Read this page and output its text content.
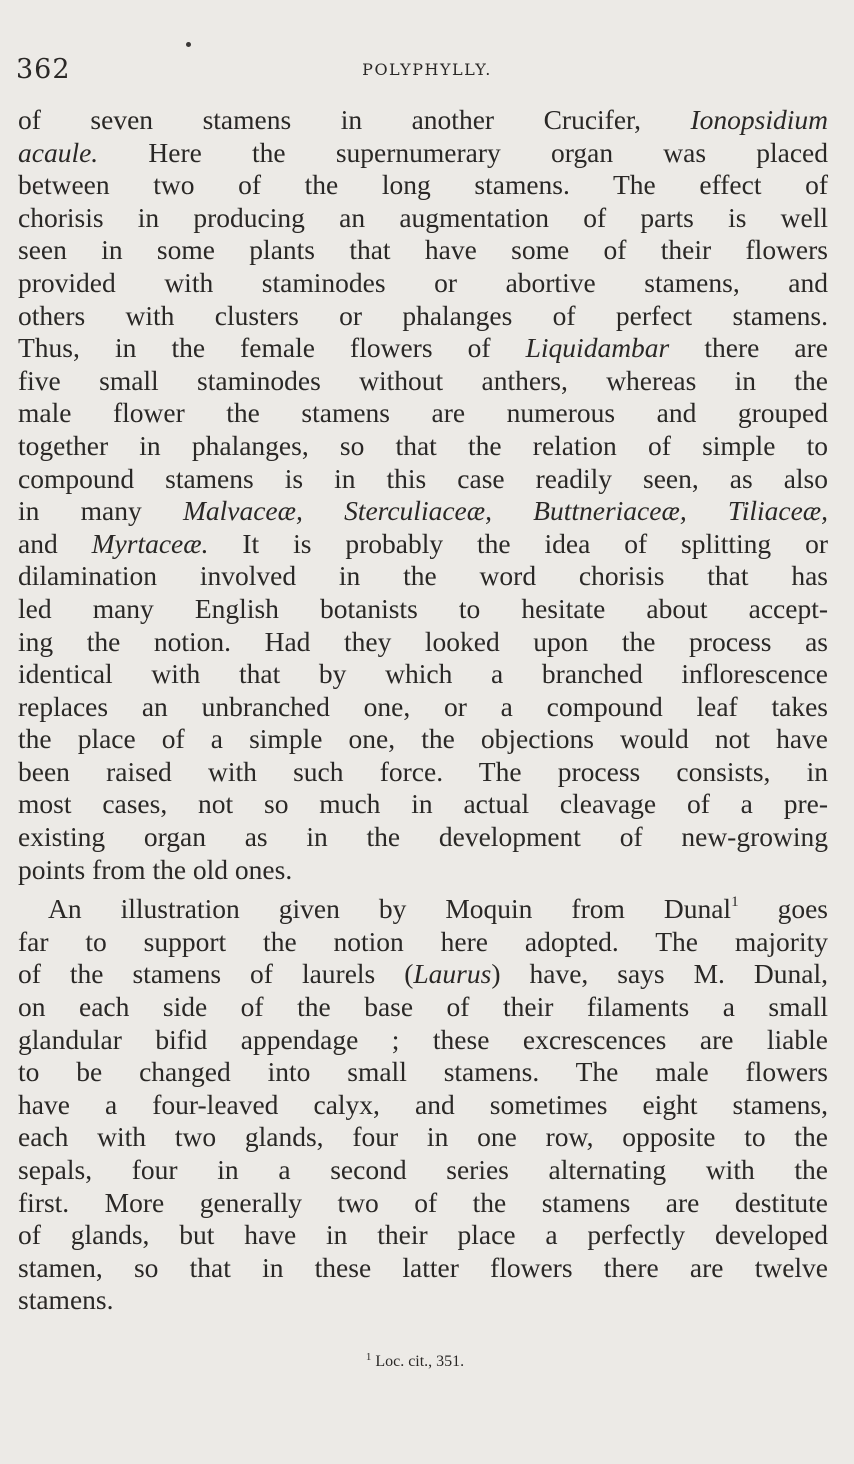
362	POLYPHYLLY.

of seven stamens in another Crucifer, Ionopsidium
acaule. Here the supernumerary organ was placed
between two of the long stamens. The effect of
chorisis in producing an augmentation of parts is well
seen in some plants that have some of their flowers
provided with staminodes or abortive stamens, and
others with clusters or phalanges of perfect stamens.
Thus, in the female flowers of Liquidambar there are
five small staminodes without anthers, whereas in the
male flower the stamens are numerous and grouped
together in phalanges, so that the relation of simple to
compound stamens is in this case readily seen, as also
in many Malvaceæ, Sterculiaceæ, Buttneriaceæ, Tiliaceæ,
and Myrtaceæ. It is probably the idea of splitting or
dilamination involved in the word chorisis that has
led many English botanists to hesitate about accept-
ing the notion. Had they looked upon the process as
identical with that by which a branched inflorescence
replaces an unbranched one, or a compound leaf takes
the place of a simple one, the objections would not have
been raised with such force. The process consists, in
most cases, not so much in actual cleavage of a pre-
existing organ as in the development of new-growing
points from the old ones.
An illustration given by Moquin from Dunal$^1$ goes
far to support the notion here adopted. The majority
of the stamens of laurels (Laurus) have, says M. Dunal,
on each side of the base of their filaments a small
glandular bifid appendage ; these excrescences are liable
to be changed into small stamens. The male flowers
have a four-leaved calyx, and sometimes eight stamens,
each with two glands, four in one row, opposite to the
sepals, four in a second series alternating with the
first. More generally two of the stamens are destitute
of glands, but have in their place a perfectly developed
stamen, so that in these latter flowers there are twelve
stamens.

$^1$ Loc. cit., 351.
